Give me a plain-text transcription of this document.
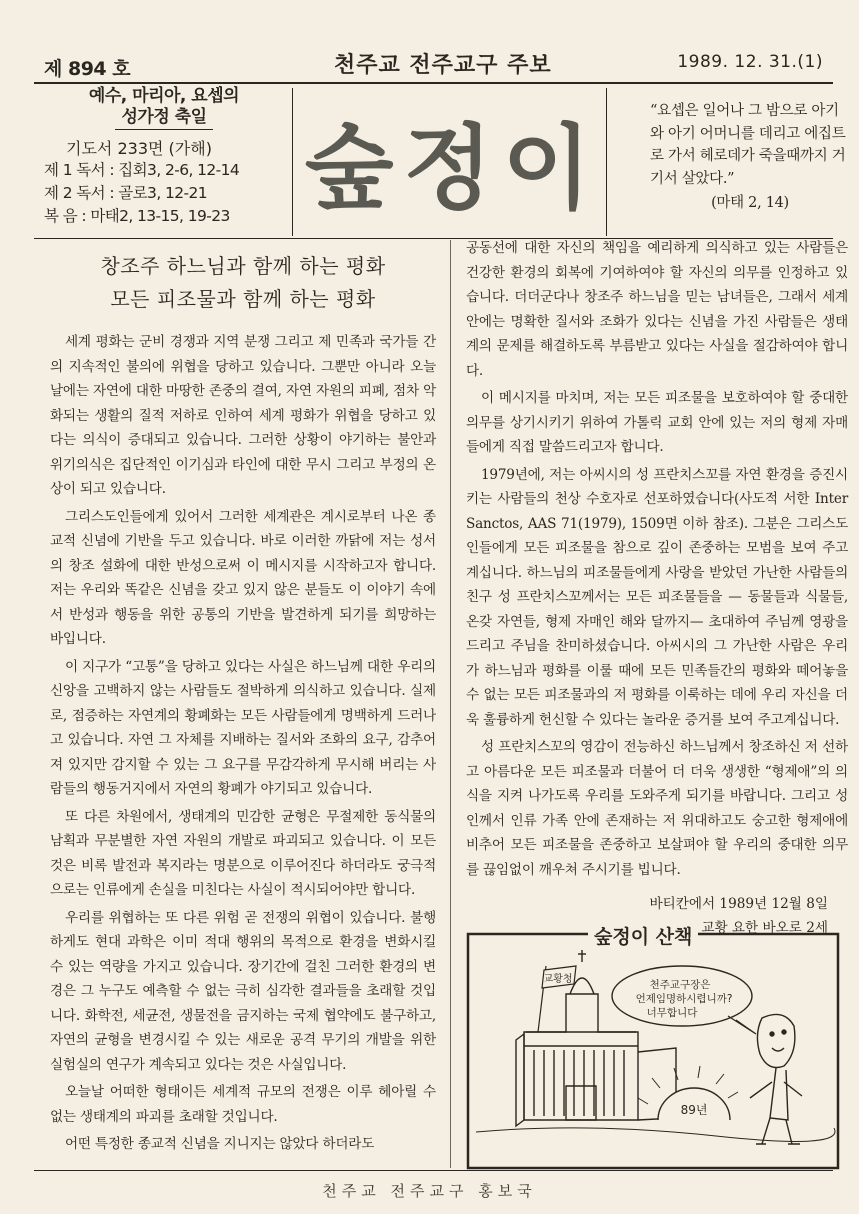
제 894 호	천주교 전주교구 주보	1989. 12. 31.(1)
예수, 마리아, 요셉의
성가정 축일
기도서 233면 (가해)
제 1 독서 : 집회3, 2-6, 12-14
제 2 독서 : 골로3, 12-21
복 음 : 마태2, 13-15, 19-23 숲정이
“요셉은 일어나 그 밤으로 아기와 아기 어머니를 데리고 에집트로 가서 헤로데가 죽을때까지 거기서 살았다.”
(마태 2, 14)
창조주 하느님과 함께 하는 평화
모든 피조물과 함께 하는 평화

세계 평화는 군비 경쟁과 지역 분쟁 그리고 제 민족과 국가들 간의 지속적인 불의에 위협을 당하고 있습니다. 그뿐만 아니라 오늘날에는 자연에 대한 마땅한 존중의 결여, 자연 자원의 피폐, 점차 악화되는 생활의 질적 저하로 인하여 세계 평화가 위협을 당하고 있다는 의식이 증대되고 있습니다. 그러한 상황이 야기하는 불안과 위기의식은 집단적인 이기심과 타인에 대한 무시 그리고 부정의 온상이 되고 있습니다.

그리스도인들에게 있어서 그러한 세계관은 계시로부터 나온 종교적 신념에 기반을 두고 있습니다. 바로 이러한 까닭에 저는 성서의 창조 설화에 대한 반성으로써 이 메시지를 시작하고자 합니다. 저는 우리와 똑같은 신념을 갖고 있지 않은 분들도 이 이야기 속에서 반성과 행동을 위한 공통의 기반을 발견하게 되기를 희망하는 바입니다.

이 지구가 “고통”을 당하고 있다는 사실은 하느님께 대한 우리의 신앙을 고백하지 않는 사람들도 절박하게 의식하고 있습니다. 실제로, 점증하는 자연계의 황폐화는 모든 사람들에게 명백하게 드러나고 있습니다. 자연 그 자체를 지배하는 질서와 조화의 요구, 감추어져 있지만 감지할 수 있는 그 요구를 무감각하게 무시해 버리는 사람들의 행동거지에서 자연의 황폐가 야기되고 있습니다.

또 다른 차원에서, 생태계의 민감한 균형은 무절제한 동식물의 남획과 무분별한 자연 자원의 개발로 파괴되고 있습니다. 이 모든 것은 비록 발전과 복지라는 명분으로 이루어진다 하더라도 궁극적으로는 인류에게 손실을 미친다는 사실이 적시되어야만 합니다.

우리를 위협하는 또 다른 위험 곧 전쟁의 위협이 있습니다. 불행하게도 현대 과학은 이미 적대 행위의 목적으로 환경을 변화시킬 수 있는 역량을 가지고 있습니다. 장기간에 걸친 그러한 환경의 변경은 그 누구도 예측할 수 없는 극히 심각한 결과들을 초래할 것입니다. 화학전, 세균전, 생물전을 금지하는 국제 협약에도 불구하고, 자연의 균형을 변경시킬 수 있는 새로운 공격 무기의 개발을 위한 실험실의 연구가 계속되고 있다는 것은 사실입니다.

오늘날 어떠한 형태이든 세계적 규모의 전쟁은 이루 헤아릴 수 없는 생태계의 파괴를 초래할 것입니다.

어떤 특정한 종교적 신념을 지니지는 않았다 하더라도

공동선에 대한 자신의 책임을 예리하게 의식하고 있는 사람들은 건강한 환경의 회복에 기여하여야 할 자신의 의무를 인정하고 있습니다. 더더군다나 창조주 하느님을 믿는 남녀들은, 그래서 세계 안에는 명확한 질서와 조화가 있다는 신념을 가진 사람들은 생태계의 문제를 해결하도록 부름받고 있다는 사실을 절감하여야 합니다.

이 메시지를 마치며, 저는 모든 피조물을 보호하여야 할 중대한 의무를 상기시키기 위하여 가톨릭 교회 안에 있는 저의 형제 자매들에게 직접 말씀드리고자 합니다.

1979년에, 저는 아씨시의 성 프란치스꼬를 자연 환경을 증진시키는 사람들의 천상 수호자로 선포하였습니다(사도적 서한 Inter Sanctos, AAS 71(1979), 1509면 이하 참조). 그분은 그리스도인들에게 모든 피조물을 참으로 깊이 존중하는 모범을 보여 주고 계십니다. 하느님의 피조물들에게 사랑을 받았던 가난한 사람들의 친구 성 프란치스꼬께서는 모든 피조물들을 — 동물들과 식물들, 온갖 자연들, 형제 자매인 해와 달까지— 초대하여 주님께 영광을 드리고 주님을 찬미하셨습니다. 아씨시의 그 가난한 사람은 우리가 하느님과 평화를 이룰 때에 모든 민족들간의 평화와 떼어놓을 수 없는 모든 피조물과의 저 평화를 이룩하는 데에 우리 자신을 더욱 훌륭하게 헌신할 수 있다는 놀라운 증거를 보여 주고계십니다.

성 프란치스꼬의 영감이 전능하신 하느님께서 창조하신 저 선하고 아름다운 모든 피조물과 더불어 더 더욱 생생한 “형제애”의 의식을 지켜 나가도록 우리를 도와주게 되기를 바랍니다. 그리고 성인께서 인류 가족 안에 존재하는 저 위대하고도 숭고한 형제애에 비추어 모든 피조물을 존중하고 보살펴야 할 우리의 중대한 의무를 끊임없이 깨우쳐 주시기를 빕니다.

바티칸에서 1989년 12월 8일
교황 요한 바오로 2세
교황청
89년
천주교구장은
언제임명하시렵니까?
너무합니다
숲정이 산책
천주교 전주교구 홍보국
